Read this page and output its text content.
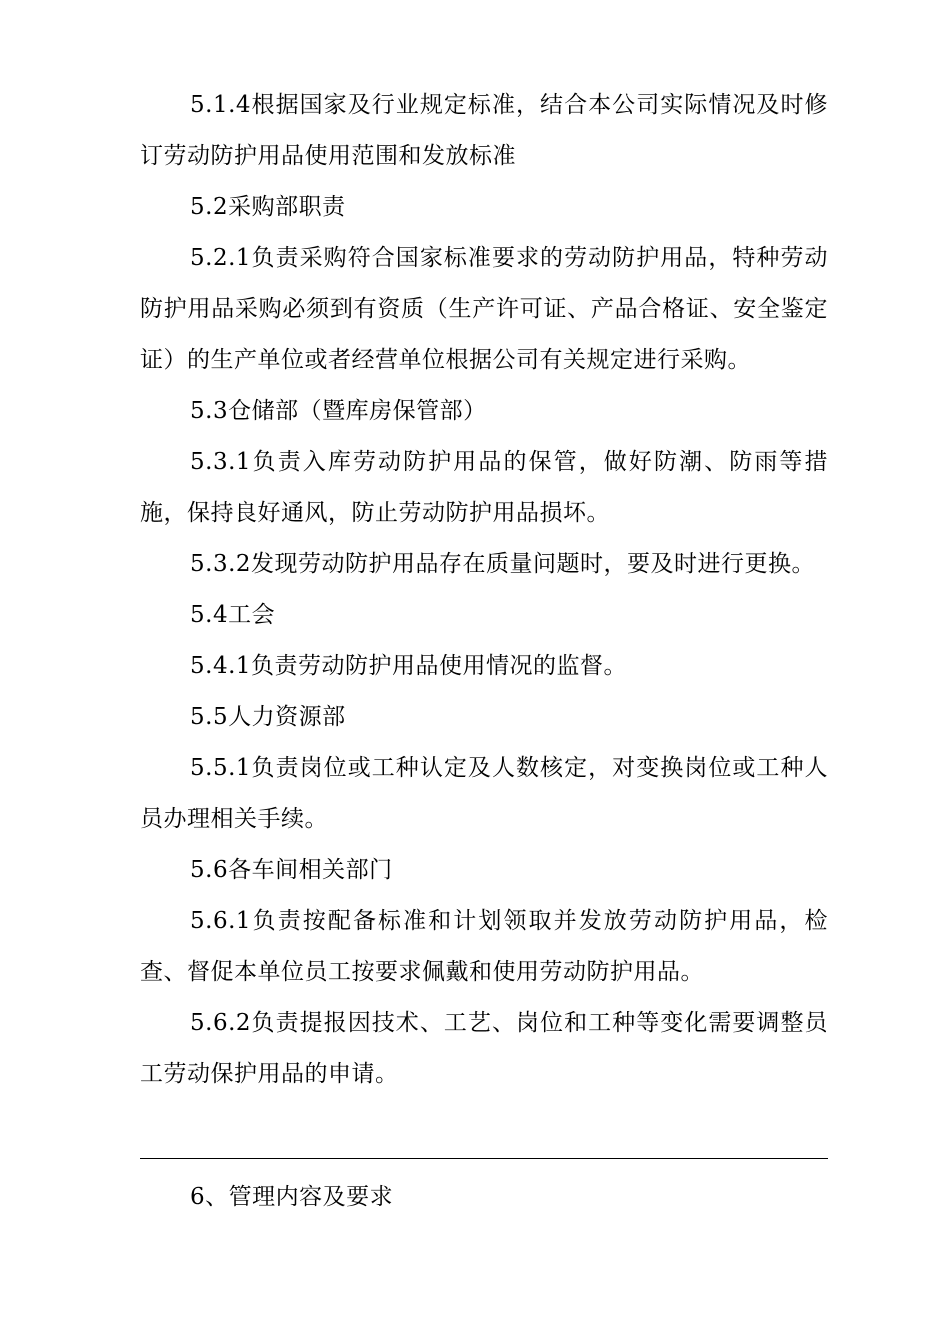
5.1.4根据国家及行业规定标准，结合本公司实际情况及时修订劳动防护用品使用范围和发放标准

5.2采购部职责

5.2.1负责采购符合国家标准要求的劳动防护用品，特种劳动防护用品采购必须到有资质（生产许可证、产品合格证、安全鉴定证）的生产单位或者经营单位根据公司有关规定进行采购。

5.3仓储部（暨库房保管部）

5.3.1负责入库劳动防护用品的保管，做好防潮、防雨等措施，保持良好通风，防止劳动防护用品损坏。

5.3.2发现劳动防护用品存在质量问题时，要及时进行更换。

5.4工会

5.4.1负责劳动防护用品使用情况的监督。

5.5人力资源部

5.5.1负责岗位或工种认定及人数核定，对变换岗位或工种人员办理相关手续。

5.6各车间相关部门

5.6.1负责按配备标准和计划领取并发放劳动防护用品，检查、督促本单位员工按要求佩戴和使用劳动防护用品。

5.6.2负责提报因技术、工艺、岗位和工种等变化需要调整员工劳动保护用品的申请。

6、管理内容及要求
